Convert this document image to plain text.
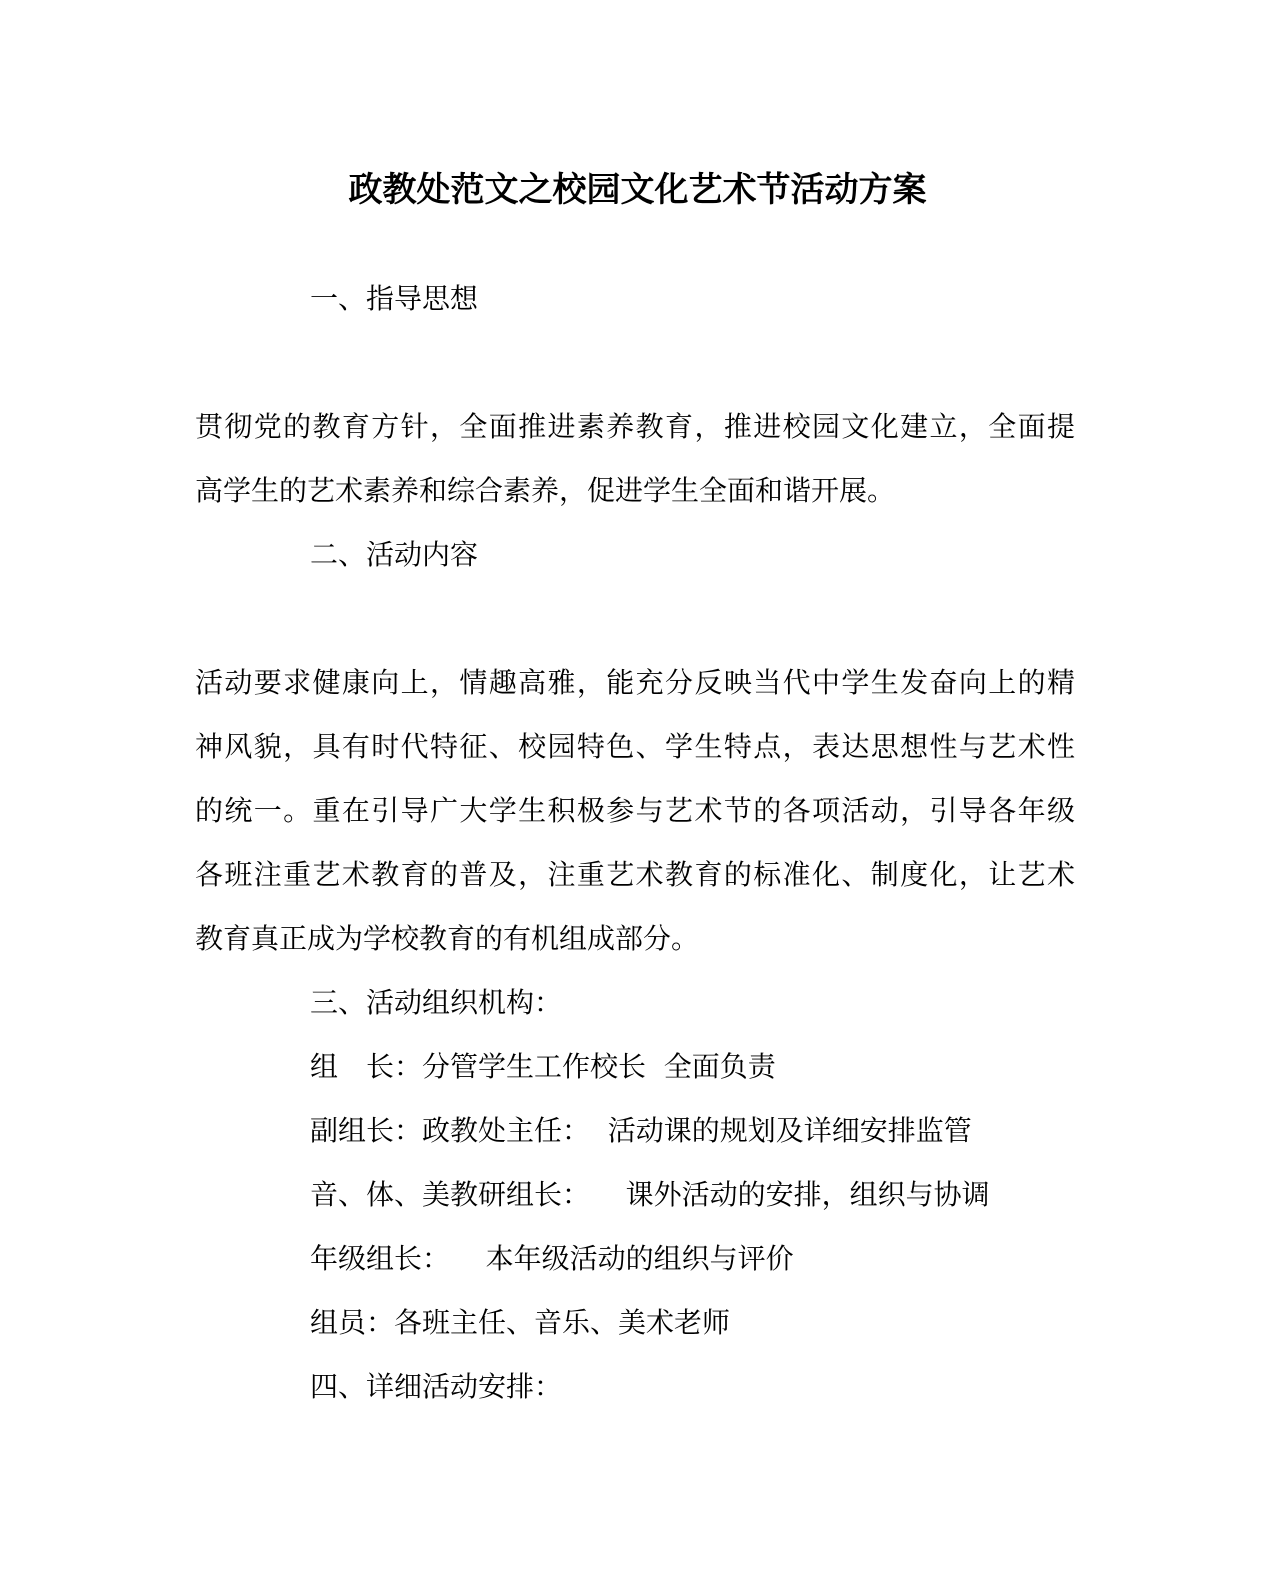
政教处范文之校园文化艺术节活动方案
一、指导思想
贯彻党的教育方针，全面推进素养教育，推进校园文化建立，全面提
高学生的艺术素养和综合素养，促进学生全面和谐开展。
二、活动内容
活动要求健康向上，情趣高雅，能充分反映当代中学生发奋向上的精
神风貌，具有时代特征、校园特色、学生特点，表达思想性与艺术性
的统一。重在引导广大学生积极参与艺术节的各项活动，引导各年级
各班注重艺术教育的普及，注重艺术教育的标准化、制度化，让艺术
教育真正成为学校教育的有机组成部分。
三、活动组织机构：
组　长：分管学生工作校长  全面负责
副组长：政教处主任：  活动课的规划及详细安排监管
音、体、美教研组长：    课外活动的安排，组织与协调
年级组长：    本年级活动的组织与评价
组员：各班主任、音乐、美术老师
四、详细活动安排：
